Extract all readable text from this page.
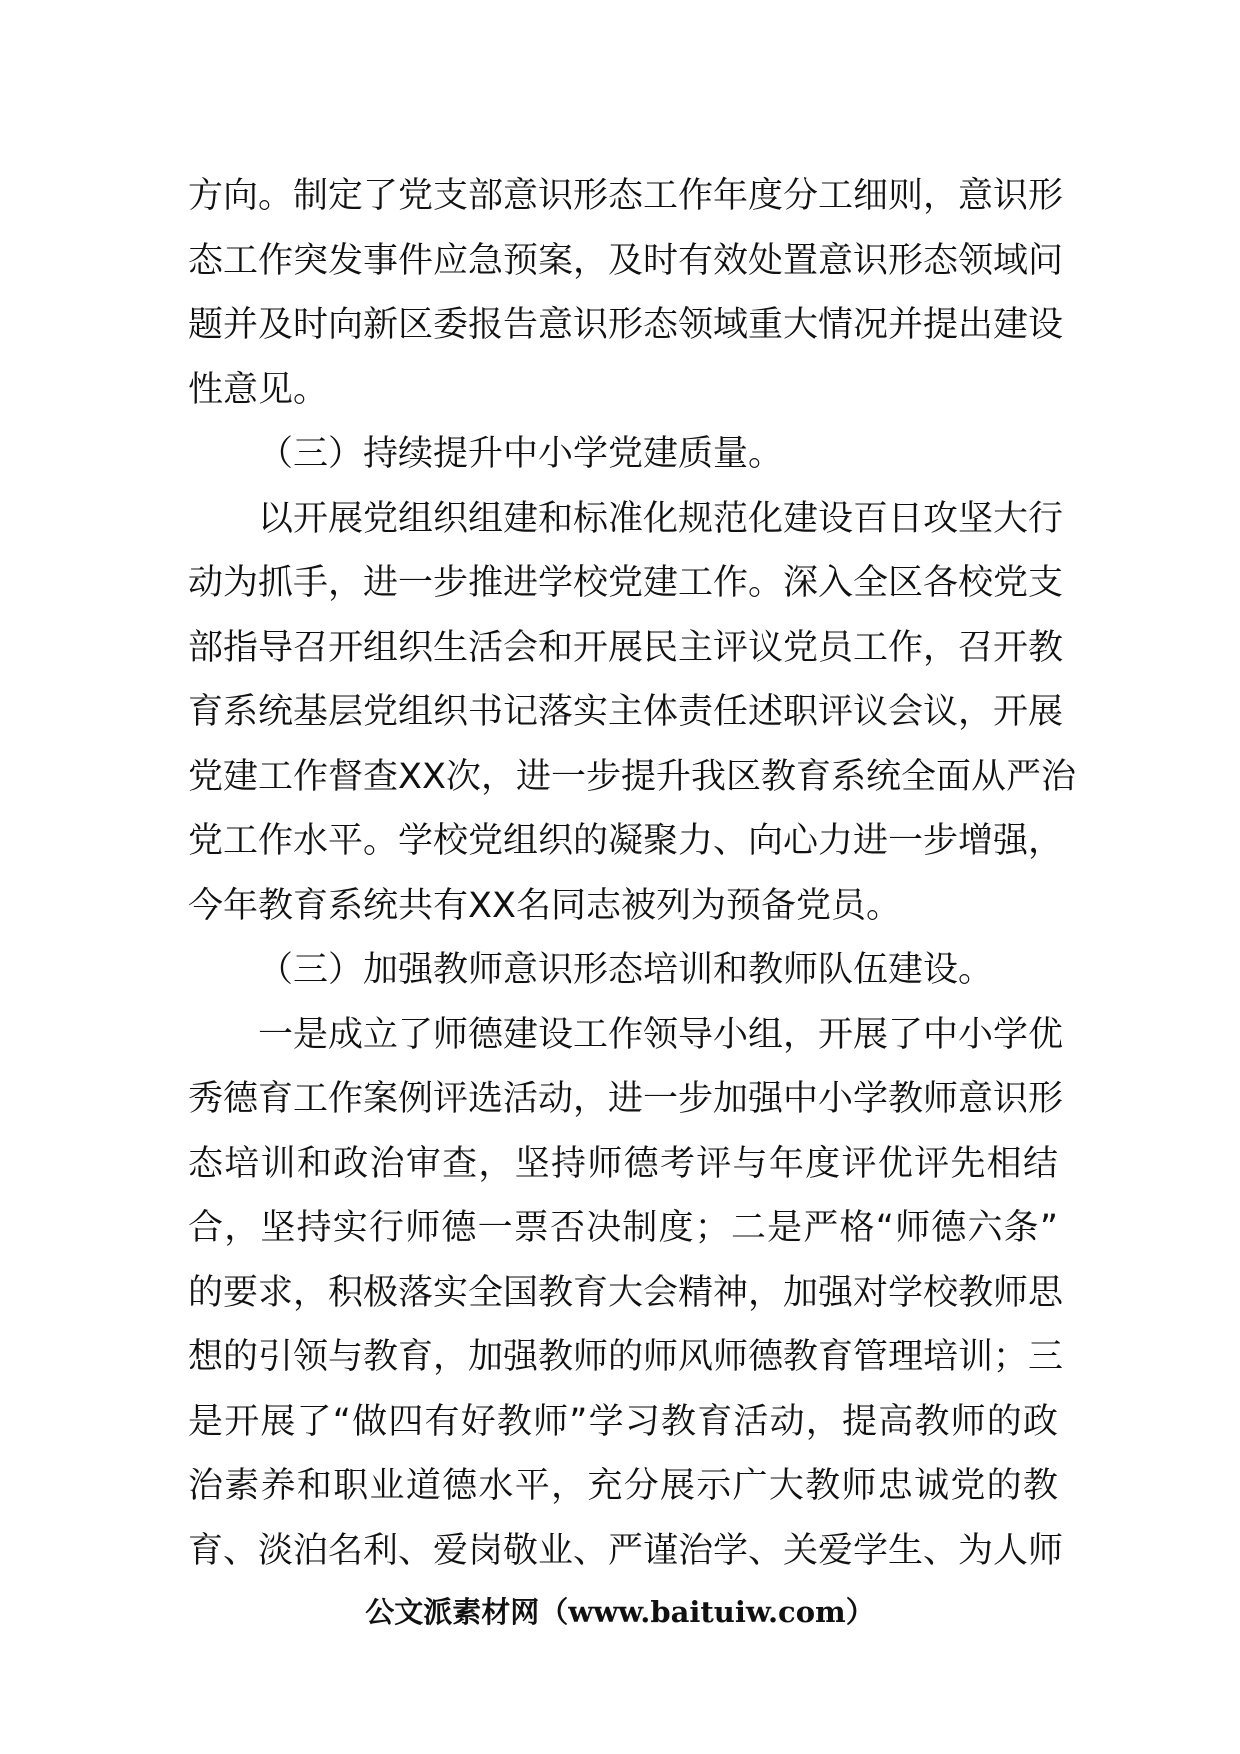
方向。制定了党支部意识形态工作年度分工细则，意识形
态工作突发事件应急预案，及时有效处置意识形态领域问
题并及时向新区委报告意识形态领域重大情况并提出建设
性意见。
（三）持续提升中小学党建质量。
以开展党组织组建和标准化规范化建设百日攻坚大行
动为抓手，进一步推进学校党建工作。深入全区各校党支
部指导召开组织生活会和开展民主评议党员工作，召开教
育系统基层党组织书记落实主体责任述职评议会议，开展
党建工作督查XX次，进一步提升我区教育系统全面从严治
党工作水平。学校党组织的凝聚力、向心力进一步增强，
今年教育系统共有XX名同志被列为预备党员。
（三）加强教师意识形态培训和教师队伍建设。
一是成立了师德建设工作领导小组，开展了中小学优
秀德育工作案例评选活动，进一步加强中小学教师意识形
态培训和政治审查，坚持师德考评与年度评优评先相结
合，坚持实行师德一票否决制度；二是严格“师德六条”
的要求，积极落实全国教育大会精神，加强对学校教师思
想的引领与教育，加强教师的师风师德教育管理培训；三
是开展了“做四有好教师”学习教育活动，提高教师的政
治素养和职业道德水平，充分展示广大教师忠诚党的教
育、淡泊名利、爱岗敬业、严谨治学、关爱学生、为人师
公文派素材网（www.baituiw.com）
